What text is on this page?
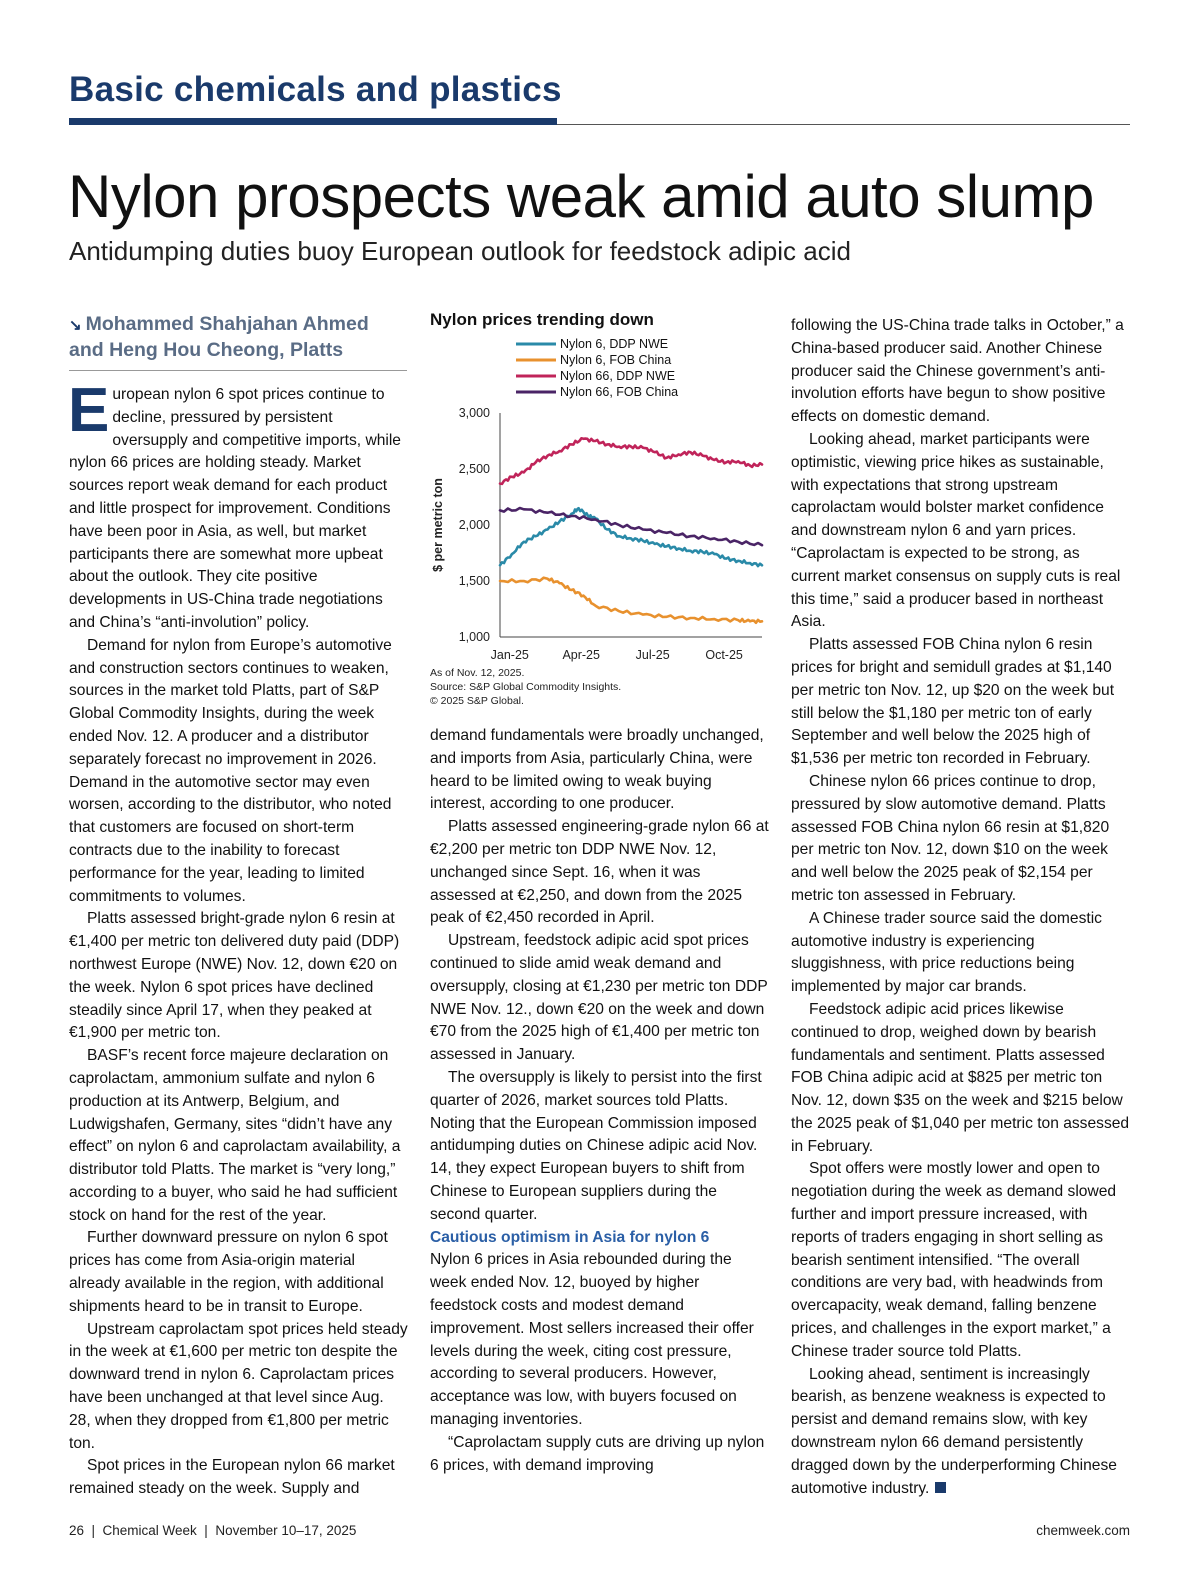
Basic chemicals and plastics
Nylon prospects weak amid auto slump
Antidumping duties buoy European outlook for feedstock adipic acid
↘ Mohammed Shahjahan Ahmed
and Heng Hou Cheong, Platts

European nylon 6 spot prices continue to decline, pressured by persistent oversupply and competitive imports, while nylon 66 prices are holding steady. Market sources report weak demand for each product and little prospect for improvement. Conditions have been poor in Asia, as well, but market participants there are somewhat more upbeat about the outlook. They cite positive developments in US-China trade negotiations and China’s “anti-involution” policy.

Demand for nylon from Europe’s automotive and construction sectors continues to weaken, sources in the market told Platts, part of S&P Global Commodity Insights, during the week ended Nov. 12. A producer and a distributor separately forecast no improvement in 2026. Demand in the automotive sector may even worsen, according to the distributor, who noted that customers are focused on short-term contracts due to the inability to forecast performance for the year, leading to limited commitments to volumes.

Platts assessed bright-grade nylon 6 resin at €1,400 per metric ton delivered duty paid (DDP) northwest Europe (NWE) Nov. 12, down €20 on the week. Nylon 6 spot prices have declined steadily since April 17, when they peaked at €1,900 per metric ton.

BASF’s recent force majeure declaration on caprolactam, ammonium sulfate and nylon 6 production at its Antwerp, Belgium, and Ludwigshafen, Germany, sites “didn’t have any effect” on nylon 6 and caprolactam availability, a distributor told Platts. The market is “very long,” according to a buyer, who said he had sufficient stock on hand for the rest of the year.

Further downward pressure on nylon 6 spot prices has come from Asia-origin material already available in the region, with additional shipments heard to be in transit to Europe.

Upstream caprolactam spot prices held steady in the week at €1,600 per metric ton despite the downward trend in nylon 6. Caprolactam prices have been unchanged at that level since Aug. 28, when they dropped from €1,800 per metric ton.

Spot prices in the European nylon 66 market remained steady on the week. Supply and

Nylon prices trending down
1,000
1,500
2,000
2,500
3,000
Jan-25	Apr-25	Jul-25	Oct-25
$ per metric ton
Nylon 6, DDP NWE
Nylon 6, FOB China
Nylon 66, DDP NWE
Nylon 66, FOB China
As of Nov. 12, 2025.
Source: S&P Global Commodity Insights.
© 2025 S&P Global.

demand fundamentals were broadly unchanged, and imports from Asia, particularly China, were heard to be limited owing to weak buying interest, according to one producer.

Platts assessed engineering-grade nylon 66 at €2,200 per metric ton DDP NWE Nov. 12, unchanged since Sept. 16, when it was assessed at €2,250, and down from the 2025 peak of €2,450 recorded in April.

Upstream, feedstock adipic acid spot prices continued to slide amid weak demand and oversupply, closing at €1,230 per metric ton DDP NWE Nov. 12., down €20 on the week and down €70 from the 2025 high of €1,400 per metric ton assessed in January.

The oversupply is likely to persist into the first quarter of 2026, market sources told Platts. Noting that the European Commission imposed antidumping duties on Chinese adipic acid Nov. 14, they expect European buyers to shift from Chinese to European suppliers during the second quarter.

Cautious optimism in Asia for nylon 6

Nylon 6 prices in Asia rebounded during the week ended Nov. 12, buoyed by higher feedstock costs and modest demand improvement. Most sellers increased their offer levels during the week, citing cost pressure, according to several producers. However, acceptance was low, with buyers focused on managing inventories.

“Caprolactam supply cuts are driving up nylon 6 prices, with demand improving

following the US-China trade talks in October,” a China-based producer said. Another Chinese producer said the Chinese government’s anti-involution efforts have begun to show positive effects on domestic demand.

Looking ahead, market participants were optimistic, viewing price hikes as sustainable, with expectations that strong upstream caprolactam would bolster market confidence and downstream nylon 6 and yarn prices. “Caprolactam is expected to be strong, as current market consensus on supply cuts is real this time,” said a producer based in northeast Asia.

Platts assessed FOB China nylon 6 resin prices for bright and semidull grades at $1,140 per metric ton Nov. 12, up $20 on the week but still below the $1,180 per metric ton of early September and well below the 2025 high of $1,536 per metric ton recorded in February.

Chinese nylon 66 prices continue to drop, pressured by slow automotive demand. Platts assessed FOB China nylon 66 resin at $1,820 per metric ton Nov. 12, down $10 on the week and well below the 2025 peak of $2,154 per metric ton assessed in February.

A Chinese trader source said the domestic automotive industry is experiencing sluggishness, with price reductions being implemented by major car brands.

Feedstock adipic acid prices likewise continued to drop, weighed down by bearish fundamentals and sentiment. Platts assessed FOB China adipic acid at $825 per metric ton Nov. 12, down $35 on the week and $215 below the 2025 peak of $1,040 per metric ton assessed in February.

Spot offers were mostly lower and open to negotiation during the week as demand slowed further and import pressure increased, with reports of traders engaging in short selling as bearish sentiment intensified. “The overall conditions are very bad, with headwinds from overcapacity, weak demand, falling benzene prices, and challenges in the export market,” a Chinese trader source told Platts.

Looking ahead, sentiment is increasingly bearish, as benzene weakness is expected to persist and demand remains slow, with key downstream nylon 66 demand persistently dragged down by the underperforming Chinese automotive industry.

26  |  Chemical Week  |  November 10–17, 2025	chemweek.com
